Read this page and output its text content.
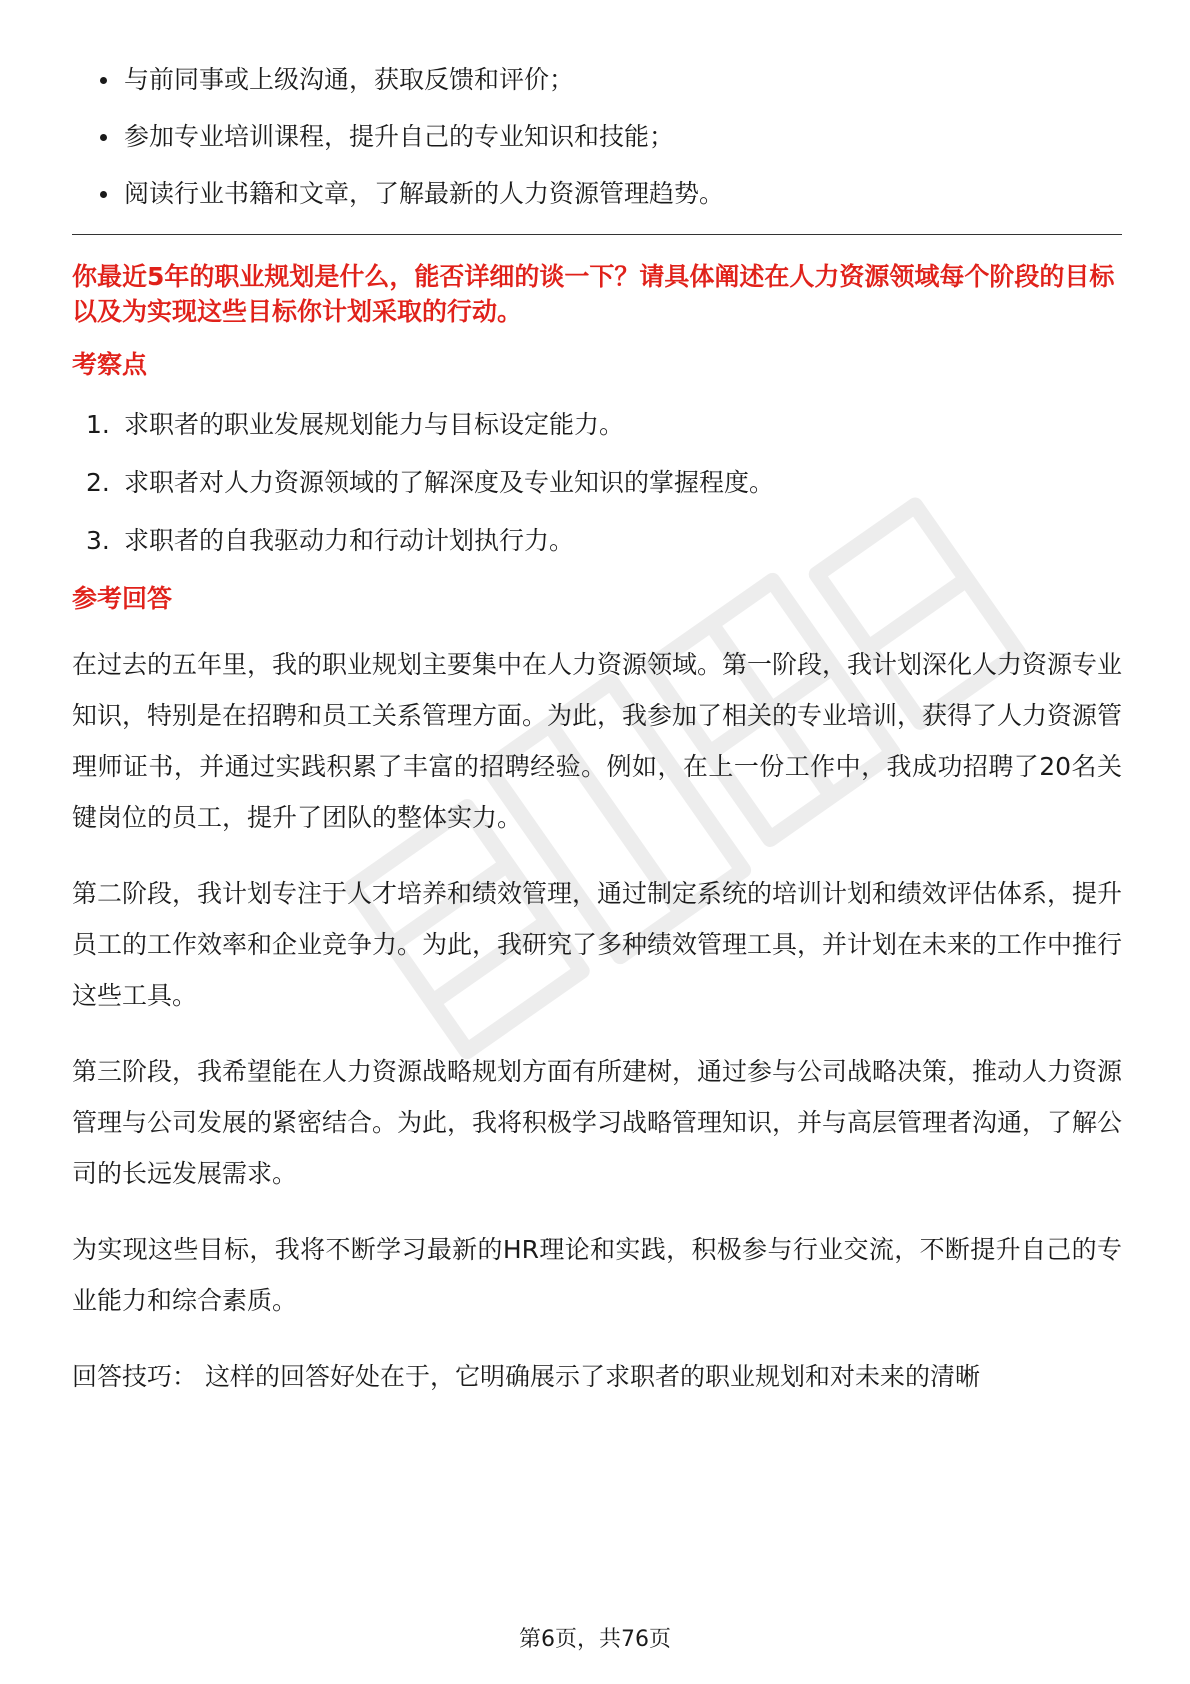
与前同事或上级沟通，获取反馈和评价；
参加专业培训课程，提升自己的专业知识和技能；
阅读行业书籍和文章，了解最新的人力资源管理趋势。
你最近5年的职业规划是什么，能否详细的谈一下？请具体阐述在人力资源领域每个阶段的目标以及为实现这些目标你计划采取的行动。
考察点
1. 求职者的职业发展规划能力与目标设定能力。
2. 求职者对人力资源领域的了解深度及专业知识的掌握程度。
3. 求职者的自我驱动力和行动计划执行力。
参考回答

在过去的五年里，我的职业规划主要集中在人力资源领域。第一阶段，我计划深化人力资源专业知识，特别是在招聘和员工关系管理方面。为此，我参加了相关的专业培训，获得了人力资源管理师证书，并通过实践积累了丰富的招聘经验。例如，在上一份工作中，我成功招聘了20名关键岗位的员工，提升了团队的整体实力。

第二阶段，我计划专注于人才培养和绩效管理，通过制定系统的培训计划和绩效评估体系，提升员工的工作效率和企业竞争力。为此，我研究了多种绩效管理工具，并计划在未来的工作中推行这些工具。

第三阶段，我希望能在人力资源战略规划方面有所建树，通过参与公司战略决策，推动人力资源管理与公司发展的紧密结合。为此，我将积极学习战略管理知识，并与高层管理者沟通，了解公司的长远发展需求。

为实现这些目标，我将不断学习最新的HR理论和实践，积极参与行业交流，不断提升自己的专业能力和综合素质。

回答技巧： 这样的回答好处在于，它明确展示了求职者的职业规划和对未来的清晰

第6页，共76页
